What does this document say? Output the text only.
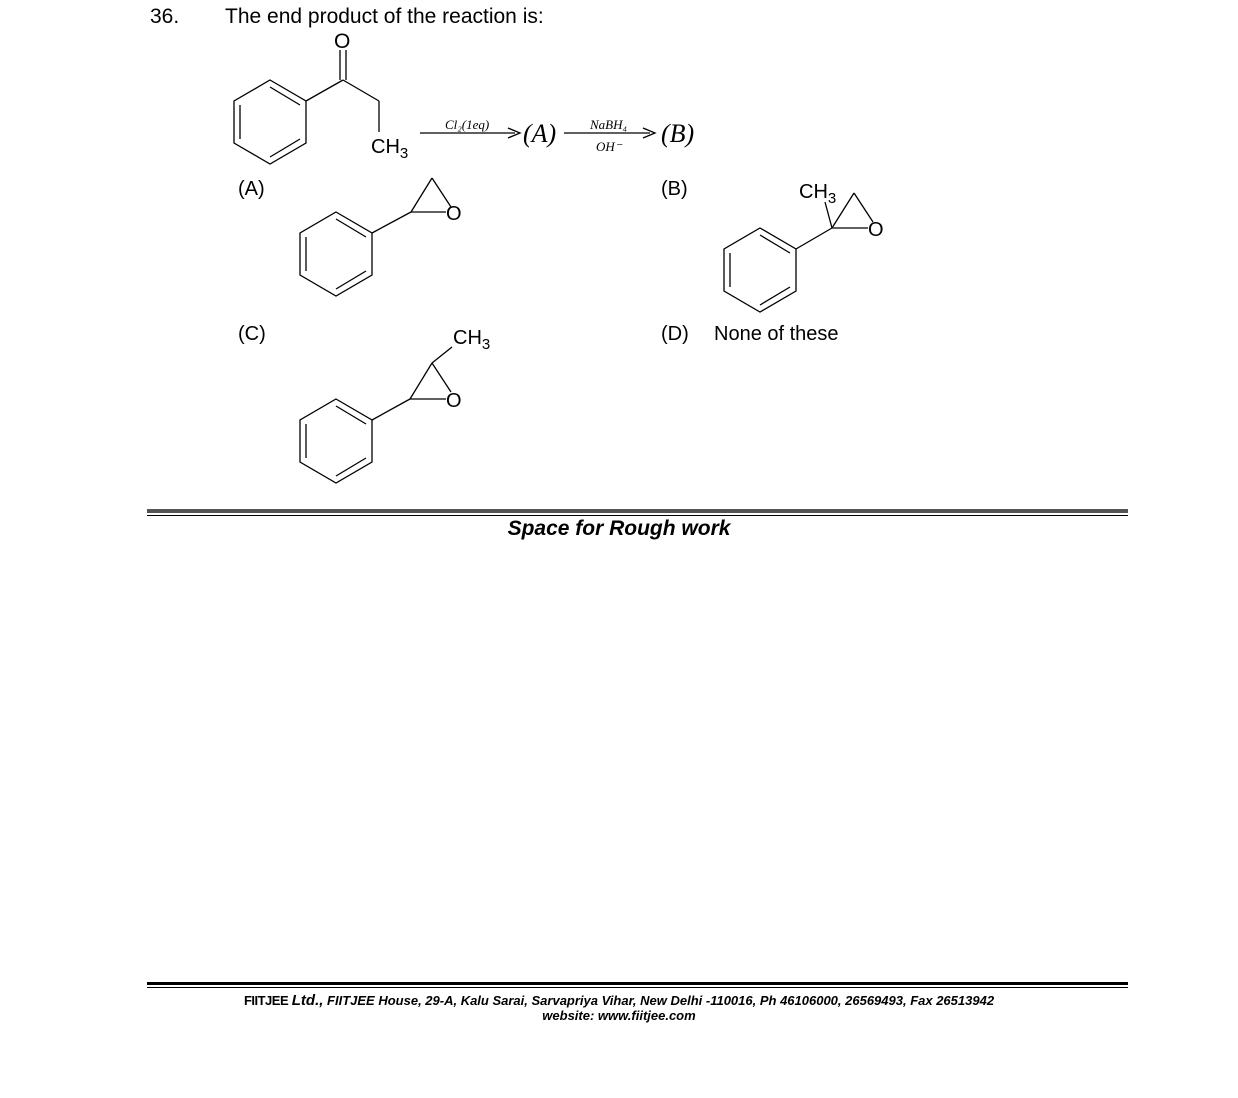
36. The end product of the reaction is:
O
$CH_3$
Cl₂(1eq) (A)	NaBH₄
OH⁻ (B)
O
$CH_3$
O
$CH_3$
O
(A)	(B)
(C)	(D) None of these
Space for Rough work
FIITJEE Ltd., FIITJEE House, 29-A, Kalu Sarai, Sarvapriya Vihar, New Delhi -110016, Ph 46106000, 26569493, Fax 26513942
website: www.fiitjee.com
